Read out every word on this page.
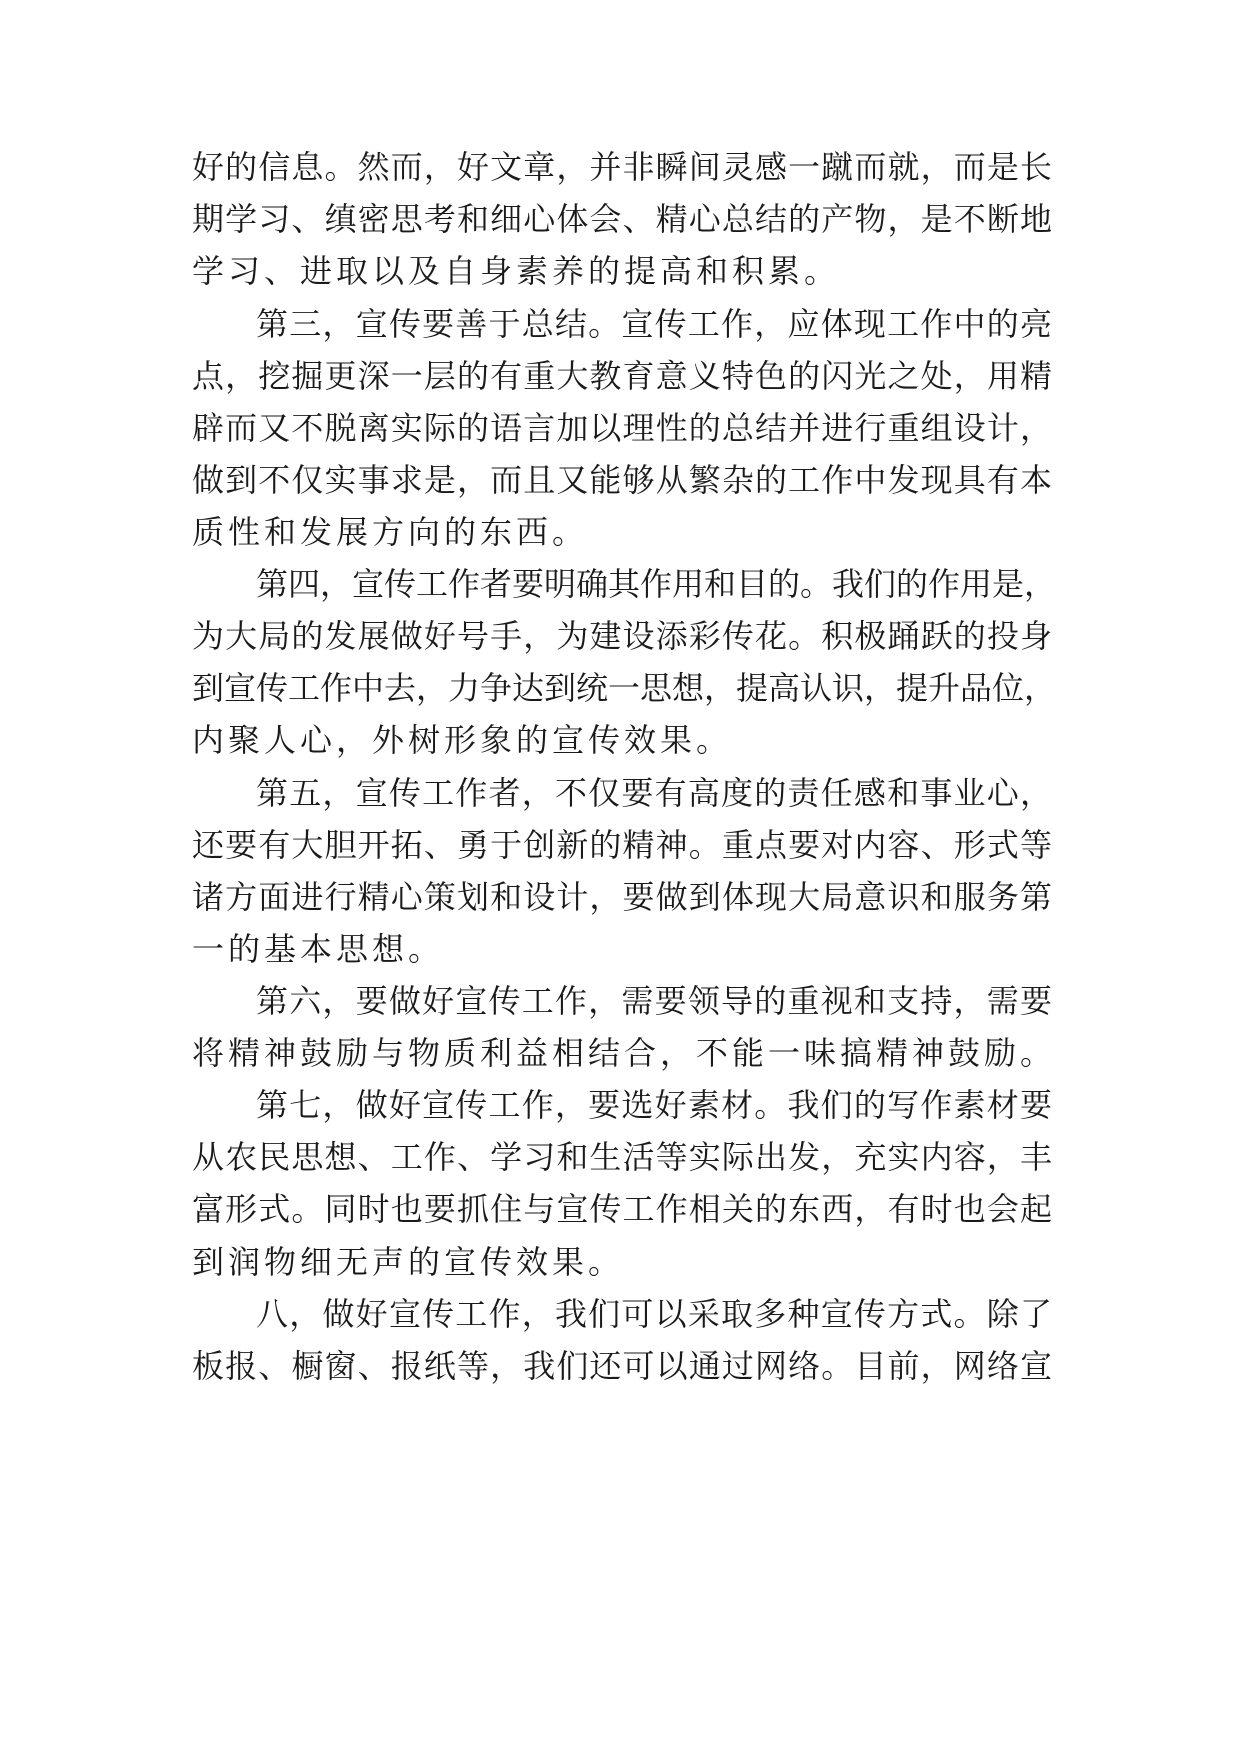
好的信息。然而，好文章，并非瞬间灵感一蹴而就，而是长
期学习、缜密思考和细心体会、精心总结的产物，是不断地
学习、进取以及自身素养的提高和积累。
第三，宣传要善于总结。宣传工作，应体现工作中的亮
点，挖掘更深一层的有重大教育意义特色的闪光之处，用精
辟而又不脱离实际的语言加以理性的总结并进行重组设计，
做到不仅实事求是，而且又能够从繁杂的工作中发现具有本
质性和发展方向的东西。
第四，宣传工作者要明确其作用和目的。我们的作用是，
为大局的发展做好号手，为建设添彩传花。积极踊跃的投身
到宣传工作中去，力争达到统一思想，提高认识，提升品位，
内聚人心，外树形象的宣传效果。
第五，宣传工作者，不仅要有高度的责任感和事业心，
还要有大胆开拓、勇于创新的精神。重点要对内容、形式等
诸方面进行精心策划和设计，要做到体现大局意识和服务第
一的基本思想。
第六，要做好宣传工作，需要领导的重视和支持，需要
将精神鼓励与物质利益相结合，不能一味搞精神鼓励。
第七，做好宣传工作，要选好素材。我们的写作素材要
从农民思想、工作、学习和生活等实际出发，充实内容，丰
富形式。同时也要抓住与宣传工作相关的东西，有时也会起
到润物细无声的宣传效果。
八，做好宣传工作，我们可以采取多种宣传方式。除了
板报、橱窗、报纸等，我们还可以通过网络。目前，网络宣
